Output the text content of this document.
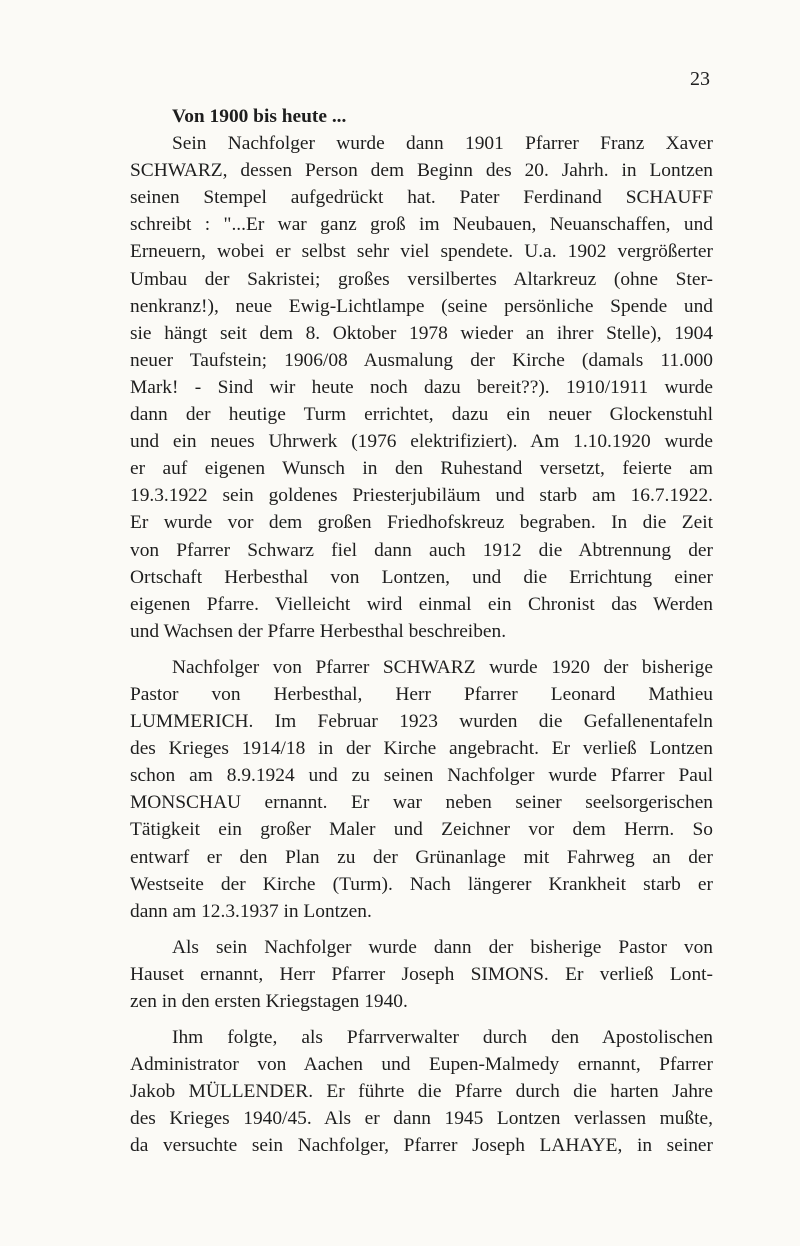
23
Von 1900 bis heute ...
Sein Nachfolger wurde dann 1901 Pfarrer Franz Xaver
SCHWARZ, dessen Person dem Beginn des 20. Jahrh. in Lontzen
seinen Stempel aufgedrückt hat. Pater Ferdinand SCHAUFF
schreibt : "...Er war ganz groß im Neubauen, Neuanschaffen, und
Erneuern, wobei er selbst sehr viel spendete. U.a. 1902 vergrößerter
Umbau der Sakristei; großes versilbertes Altarkreuz (ohne Ster-
nenkranz!), neue Ewig-Lichtlampe (seine persönliche Spende und
sie hängt seit dem 8. Oktober 1978 wieder an ihrer Stelle), 1904
neuer Taufstein; 1906/08 Ausmalung der Kirche (damals 11.000
Mark! - Sind wir heute noch dazu bereit??). 1910/1911 wurde
dann der heutige Turm errichtet, dazu ein neuer Glockenstuhl
und ein neues Uhrwerk (1976 elektrifiziert). Am 1.10.1920 wurde
er auf eigenen Wunsch in den Ruhestand versetzt, feierte am
19.3.1922 sein goldenes Priesterjubiläum und starb am 16.7.1922.
Er wurde vor dem großen Friedhofskreuz begraben. In die Zeit
von Pfarrer Schwarz fiel dann auch 1912 die Abtrennung der
Ortschaft Herbesthal von Lontzen, und die Errichtung einer
eigenen Pfarre. Vielleicht wird einmal ein Chronist das Werden
und Wachsen der Pfarre Herbesthal beschreiben.
Nachfolger von Pfarrer SCHWARZ wurde 1920 der bisherige
Pastor von Herbesthal, Herr Pfarrer Leonard Mathieu
LUMMERICH. Im Februar 1923 wurden die Gefallenentafeln
des Krieges 1914/18 in der Kirche angebracht. Er verließ Lontzen
schon am 8.9.1924 und zu seinen Nachfolger wurde Pfarrer Paul
MONSCHAU ernannt. Er war neben seiner seelsorgerischen
Tätigkeit ein großer Maler und Zeichner vor dem Herrn. So
entwarf er den Plan zu der Grünanlage mit Fahrweg an der
Westseite der Kirche (Turm). Nach längerer Krankheit starb er
dann am 12.3.1937 in Lontzen.
Als sein Nachfolger wurde dann der bisherige Pastor von
Hauset ernannt, Herr Pfarrer Joseph SIMONS. Er verließ Lont-
zen in den ersten Kriegstagen 1940.
Ihm folgte, als Pfarrverwalter durch den Apostolischen
Administrator von Aachen und Eupen-Malmedy ernannt, Pfarrer
Jakob MÜLLENDER. Er führte die Pfarre durch die harten Jahre
des Krieges 1940/45. Als er dann 1945 Lontzen verlassen mußte,
da versuchte sein Nachfolger, Pfarrer Joseph LAHAYE, in seiner
